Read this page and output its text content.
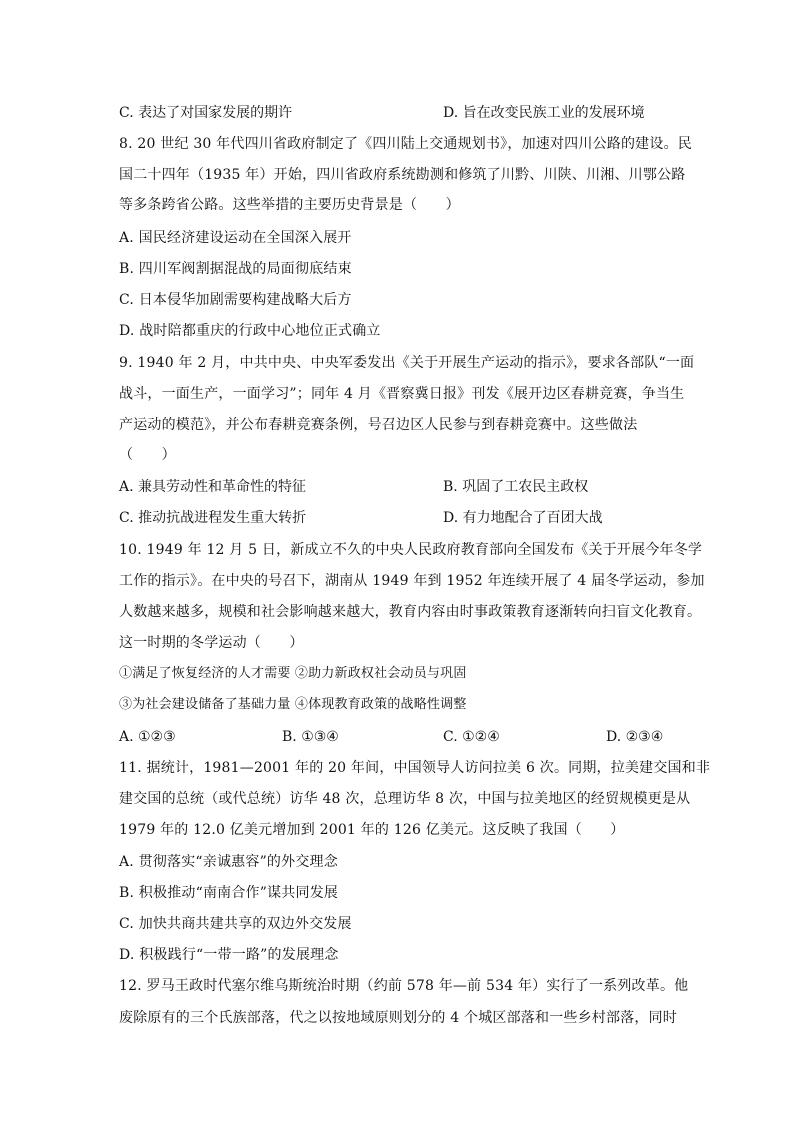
C. 表达了对国家发展的期许	D. 旨在改变民族工业的发展环境
8. 20 世纪 30 年代四川省政府制定了《四川陆上交通规划书》，加速对四川公路的建设。民
国二十四年（1935 年）开始，四川省政府系统勘测和修筑了川黔、川陕、川湘、川鄂公路
等多条跨省公路。这些举措的主要历史背景是（　　）
A. 国民经济建设运动在全国深入展开
B. 四川军阀割据混战的局面彻底结束
C. 日本侵华加剧需要构建战略大后方
D. 战时陪都重庆的行政中心地位正式确立
9. 1940 年 2 月，中共中央、中央军委发出《关于开展生产运动的指示》，要求各部队“一面
战斗，一面生产，一面学习”；同年 4 月《晋察冀日报》刊发《展开边区春耕竞赛，争当生
产运动的模范》，并公布春耕竞赛条例，号召边区人民参与到春耕竞赛中。这些做法
（　　）
A. 兼具劳动性和革命性的特征	B. 巩固了工农民主政权
C. 推动抗战进程发生重大转折	D. 有力地配合了百团大战
10. 1949 年 12 月 5 日，新成立不久的中央人民政府教育部向全国发布《关于开展今年冬学
工作的指示》。在中央的号召下，湖南从 1949 年到 1952 年连续开展了 4 届冬学运动，参加
人数越来越多，规模和社会影响越来越大，教育内容由时事政策教育逐渐转向扫盲文化教育。
这一时期的冬学运动（　　）
①满足了恢复经济的人才需要 ②助力新政权社会动员与巩固
③为社会建设储备了基础力量 ④体现教育政策的战略性调整
A. ①②③	B. ①③④	C. ①②④	D. ②③④
11. 据统计，1981—2001 年的 20 年间，中国领导人访问拉美 6 次。同期，拉美建交国和非
建交国的总统（或代总统）访华 48 次，总理访华 8 次，中国与拉美地区的经贸规模更是从
1979 年的 12.0 亿美元增加到 2001 年的 126 亿美元。这反映了我国（　　）
A. 贯彻落实“亲诚惠容”的外交理念
B. 积极推动“南南合作”谋共同发展
C. 加快共商共建共享的双边外交发展
D. 积极践行“一带一路”的发展理念
12. 罗马王政时代塞尔维乌斯统治时期（约前 578 年—前 534 年）实行了一系列改革。他
废除原有的三个氏族部落，代之以按地域原则划分的 4 个城区部落和一些乡村部落，同时
